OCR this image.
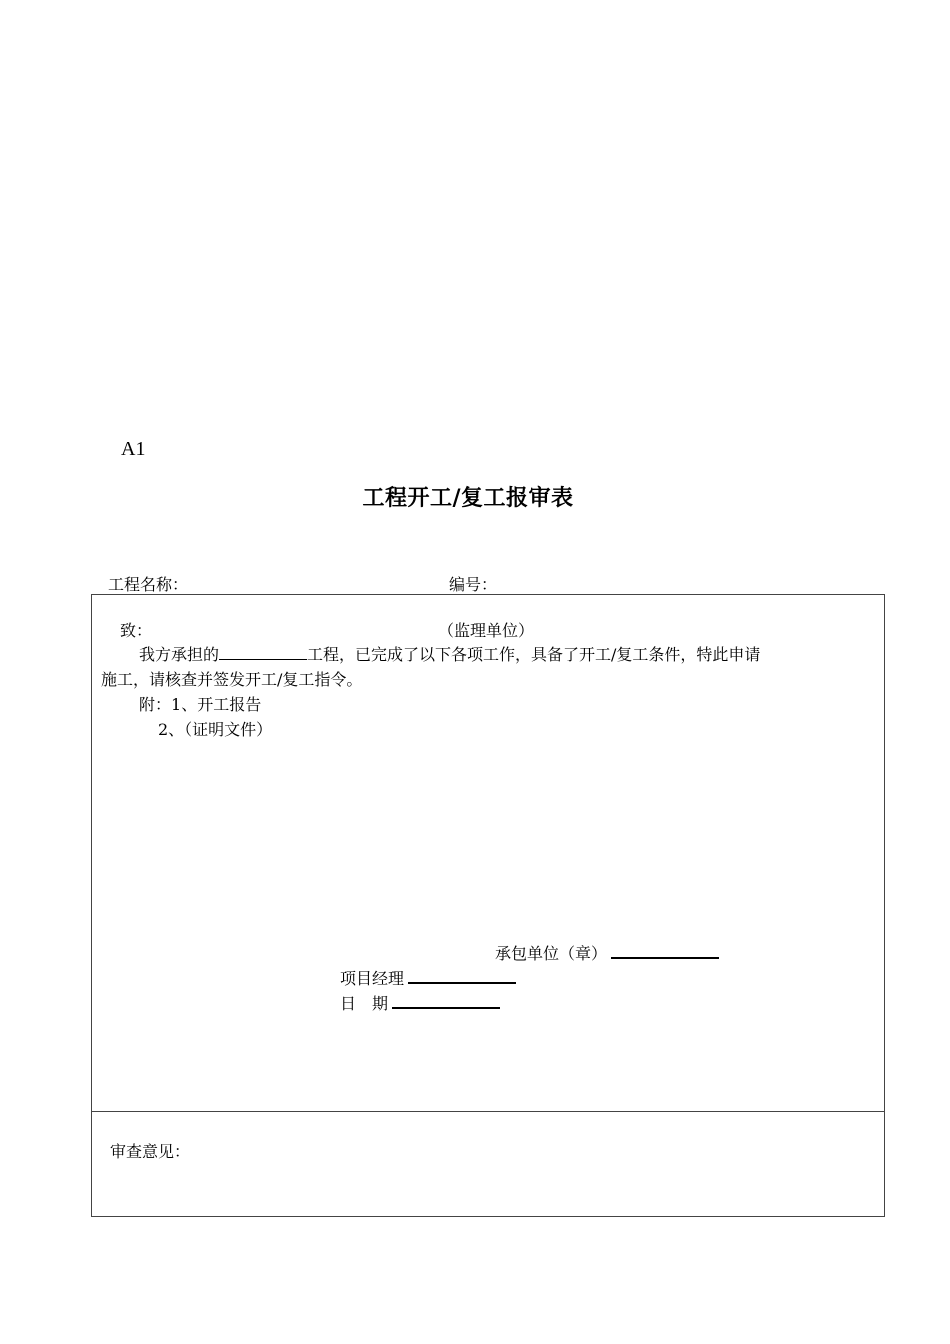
A1
工程开工/复工报审表
工程名称：	编号：
致：	（监理单位）
我方承担的	工程，已完成了以下各项工作，具备了开工/复工条件，特此申请
施工，请核查并签发开工/复工指令。
附：1、开工报告
2、（证明文件）
承包单位（章）
项目经理
日　期
审查意见：
